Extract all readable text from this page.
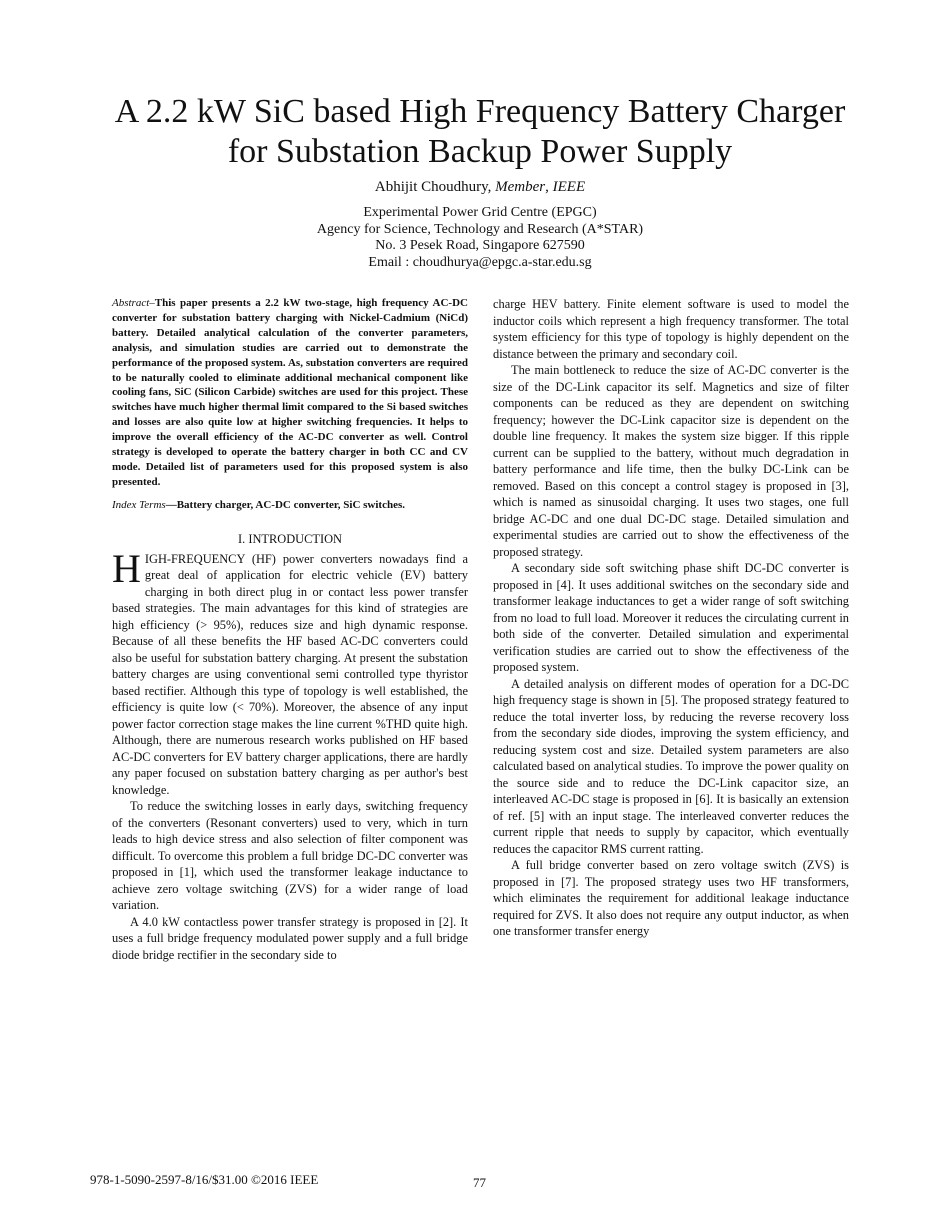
A 2.2 kW SiC based High Frequency Battery Charger
for Substation Backup Power Supply
Abhijit Choudhury, Member, IEEE
Experimental Power Grid Centre (EPGC)
Agency for Science, Technology and Research (A*STAR)
No. 3 Pesek Road, Singapore 627590
Email : choudhurya@epgc.a-star.edu.sg

Abstract–This paper presents a 2.2 kW two-stage, high frequency AC-DC converter for substation battery charging with Nickel-Cadmium (NiCd) battery. Detailed analytical calculation of the converter parameters, analysis, and simulation studies are carried out to demonstrate the performance of the proposed system. As, substation converters are required to be naturally cooled to eliminate additional mechanical component like cooling fans, SiC (Silicon Carbide) switches are used for this project. These switches have much higher thermal limit compared to the Si based switches and losses are also quite low at higher switching frequencies. It helps to improve the overall efficiency of the AC-DC converter as well. Control strategy is developed to operate the battery charger in both CC and CV mode. Detailed list of parameters used for this proposed system is also presented.

Index Terms—Battery charger, AC-DC converter, SiC switches.

I. INTRODUCTION

HIGH-FREQUENCY (HF) power converters nowadays find a great deal of application for electric vehicle (EV) battery charging in both direct plug in or contact less power transfer based strategies. The main advantages for this kind of strategies are high efficiency (> 95%), reduces size and high dynamic response. Because of all these benefits the HF based AC-DC converters could also be useful for substation battery charging. At present the substation battery charges are using conventional semi controlled type thyristor based rectifier. Although this type of topology is well established, the efficiency is quite low (< 70%). Moreover, the absence of any input power factor correction stage makes the line current %THD quite high. Although, there are numerous research works published on HF based AC-DC converters for EV battery charger applications, there are hardly any paper focused on substation battery charging as per author's best knowledge.

To reduce the switching losses in early days, switching frequency of the converters (Resonant converters) used to very, which in turn leads to high device stress and also selection of filter component was difficult. To overcome this problem a full bridge DC-DC converter was proposed in [1], which used the transformer leakage inductance to achieve zero voltage switching (ZVS) for a wider range of load variation.

A 4.0 kW contactless power transfer strategy is proposed in [2]. It uses a full bridge frequency modulated power supply and a full bridge diode bridge rectifier in the secondary side to

charge HEV battery. Finite element software is used to model the inductor coils which represent a high frequency transformer. The total system efficiency for this type of topology is highly dependent on the distance between the primary and secondary coil.

The main bottleneck to reduce the size of AC-DC converter is the size of the DC-Link capacitor its self. Magnetics and size of filter components can be reduced as they are dependent on switching frequency; however the DC-Link capacitor size is dependent on the double line frequency. It makes the system size bigger. If this ripple current can be supplied to the battery, without much degradation in battery performance and life time, then the bulky DC-Link can be removed. Based on this concept a control stagey is proposed in [3], which is named as sinusoidal charging. It uses two stages, one full bridge AC-DC and one dual DC-DC stage. Detailed simulation and experimental studies are carried out to show the effectiveness of the proposed strategy.

A secondary side soft switching phase shift DC-DC converter is proposed in [4]. It uses additional switches on the secondary side and transformer leakage inductances to get a wider range of soft switching from no load to full load. Moreover it reduces the circulating current in both side of the converter. Detailed simulation and experimental verification studies are carried out to show the effectiveness of the proposed system.

A detailed analysis on different modes of operation for a DC-DC high frequency stage is shown in [5]. The proposed strategy featured to reduce the total inverter loss, by reducing the reverse recovery loss from the secondary side diodes, improving the system efficiency, and reducing system cost and size. Detailed system parameters are also calculated based on analytical studies. To improve the power quality on the source side and to reduce the DC-Link capacitor size, an interleaved AC-DC stage is proposed in [6]. It is basically an extension of ref. [5] with an input stage. The interleaved converter reduces the current ripple that needs to supply by capacitor, which eventually reduces the capacitor RMS current ratting.

A full bridge converter based on zero voltage switch (ZVS) is proposed in [7]. The proposed strategy uses two HF transformers, which eliminates the requirement for additional leakage inductance required for ZVS. It also does not require any output inductor, as when one transformer transfer energy

978-1-5090-2597-8/16/$31.00 ©2016 IEEE	77
